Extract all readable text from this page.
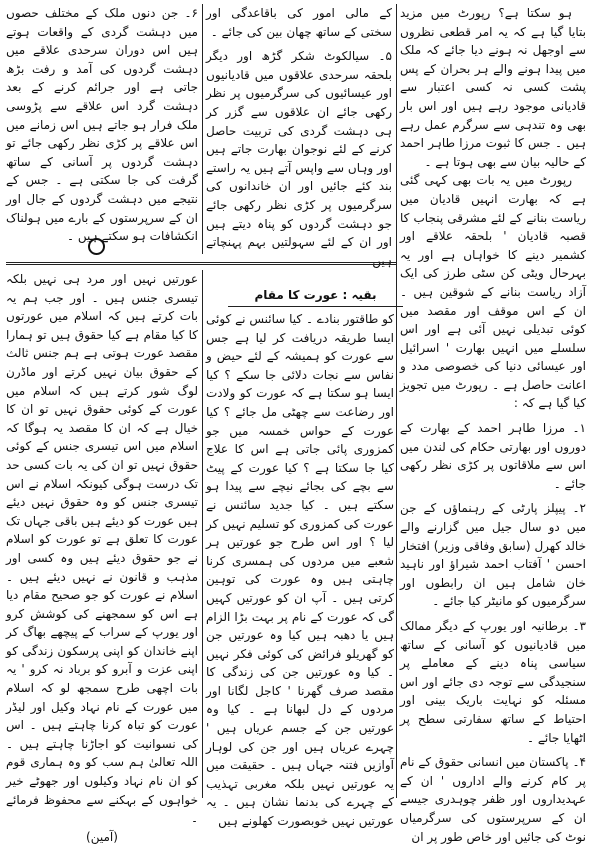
ہو سکتا ہے؟ رپورٹ میں مزید بتایا گیا ہے کہ یہ امر قطعی نظروں سے اوجھل نہ ہونے دیا جائے کہ ملک میں پیدا ہونے والے ہر بحران کے پس پشت کسی نہ کسی اعتبار سے قادیانی موجود رہے ہیں اور اس بار بھی وہ تندہی سے سرگرم عمل رہے ہیں ۔ جس کا ثبوت مرزا طاہر احمد کے حالیہ بیان سے بھی ہوتا ہے ۔

رپورٹ میں یہ بات بھی کہی گئی ہے کہ بھارت انہیں قادیان میں ریاست بنانے کے لئے مشرقی پنجاب کا قصبہ قادیان ' بلحقہ علاقے اور کشمیر دینے کا خواہاں ہے اور یہ بہرحال ویٹی کن سٹی طرز کی ایک آزاد ریاست بنانے کے شوقین ہیں ۔ ان کے اس موقف اور مقصد میں کوئی تبدیلی نہیں آئی ہے اور اس سلسلے میں انہیں بھارت ' اسرائیل اور عیسائی دنیا کی خصوصی مدد و اعانت حاصل ہے ۔ رپورٹ میں تجویز کیا گیا ہے کہ :

۱۔ مرزا طاہر احمد کے بھارت کے دوروں اور بھارتی حکام کی لندن میں اس سے ملاقاتوں پر کڑی نظر رکھی جائے ۔

۲۔ پیپلز پارٹی کے رہنماؤں کے جن میں دو سال جیل میں گزارنے والے خالد کھرل (سابق وفاقی وزیر) افتخار احسن ' آفتاب احمد شیراؤ اور ناہید خان شامل ہیں ان رابطوں اور سرگرمیوں کو مانیٹر کیا جائے ۔

۳۔ برطانیہ اور یورپ کے دیگر ممالک میں قادیانیوں کو آسانی کے ساتھ سیاسی پناہ دینے کے معاملے پر سنجیدگی سے توجہ دی جائے اور اس مسئلہ کو نہایت باریک بینی اور احتیاط کے ساتھ سفارتی سطح پر اٹھایا جائے ۔

۴۔ پاکستان میں انسانی حقوق کے نام پر کام کرنے والے اداروں ' ان کے عہدیداروں اور ظفر چوہدری جیسے ان کے سرپرستوں کی سرگرمیاں نوٹ کی جائیں اور خاص طور پر ان

کے مالی امور کی باقاعدگی اور سختی کے ساتھ چھان بین کی جائے ۔

۵۔ سیالکوٹ شکر گڑھ اور دیگر بلحقہ سرحدی علاقوں میں قادیانیوں اور عیسائیوں کی سرگرمیوں پر نظر رکھی جائے ان علاقوں سے گزر کر ہی دہشت گردی کی تربیت حاصل کرنے کے لئے نوجوان بھارت جاتے ہیں اور وہاں سے واپس آتے ہیں یہ راستے بند کئے جائیں اور ان خاندانوں کی سرگرمیوں پر کڑی نظر رکھی جائے جو دہشت گردوں کو پناہ دیتے ہیں اور ان کے لئے سہولتیں بہم پہنچاتے ہیں ۔

۶۔ جن دنوں ملک کے مختلف حصوں میں دہشت گردی کے واقعات ہوتے ہیں اس دوران سرحدی علاقے میں دہشت گردوں کی آمد و رفت بڑھ جاتی ہے اور جرائم کرنے کے بعد دہشت گرد اس علاقے سے پڑوسی ملک فرار ہو جاتے ہیں اس زمانے میں اس علاقے پر کڑی نظر رکھی جائے تو دہشت گردوں پر آسانی کے ساتھ گرفت کی جا سکتی ہے ۔ جس کے نتیجے میں دہشت گردوں کے جال اور ان کے سرپرستوں کے بارے میں ہولناک انکشافات ہو سکتے ہیں ۔

بقیہ : عورت کا مقام

کو طاقتور بنادے ۔ کیا سائنس نے کوئی ایسا طریقہ دریافت کر لیا ہے جس سے عورت کو ہمیشہ کے لئے حیض و نفاس سے نجات دلائی جا سکے ؟ کیا ایسا ہو سکتا ہے کہ عورت کو ولادت اور رضاعت سے چھٹی مل جائے ؟ کیا عورت کے حواس خمسہ میں جو کمزوری پائی جاتی ہے اس کا علاج کیا جا سکتا ہے ؟ کیا عورت کے پیٹ سے بچے کی بجائے نیچے سے پیدا ہو سکتے ہیں ۔ کیا جدید سائنس نے عورت کی کمزوری کو تسلیم نہیں کر لیا ؟ اور اس طرح جو عورتیں ہر شعبے میں مردوں کی ہمسری کرنا چاہتی ہیں وہ عورت کی توہین کرتی ہیں ۔ آپ ان کو عورتیں کہیں گی کہ عورت کے نام پر بہت بڑا الزام ہیں یا دھبہ ہیں کیا وہ عورتیں جن کو گھریلو فرائض کی کوئی فکر نہیں ۔ کیا وہ عورتیں جن کی زندگی کا مقصد صرف گھرنا ' کاجل لگانا اور مردوں کے دل لبھانا ہے ۔ کیا وہ عورتیں جن کے جسم عریاں ہیں ' چہرے عریاں ہیں اور جن کی لوہار آوازیں فتنہ جہاں ہیں ۔ حقیقت میں یہ عورتیں نہیں بلکہ مغربی تہذیب کے چہرے کی بدنما نشان ہیں ۔ یہ عورتیں نہیں خوبصورت کھلونے ہیں

عورتیں نہیں اور مرد ہی نہیں بلکہ تیسری جنس ہیں ۔ اور جب ہم یہ بات کرتے ہیں کہ اسلام میں عورتوں کا کیا مقام ہے کیا حقوق ہیں تو ہمارا مقصد عورت ہوتی ہے ہم جنس ثالث کے حقوق بیان نہیں کرتے اور ماڈرن لوگ شور کرتے ہیں کہ اسلام میں عورت کے کوئی حقوق نہیں تو ان کا خیال ہے کہ ان کا مقصد یہ ہوگا کہ اسلام میں اس تیسری جنس کے کوئی حقوق نہیں تو ان کی یہ بات کسی حد تک درست ہوگی کیونکہ اسلام نے اس تیسری جنس کو وہ حقوق نہیں دیئے ہیں عورت کو دیئے ہیں باقی جہاں تک عورت کا تعلق ہے تو عورت کو اسلام نے جو حقوق دیئے ہیں وہ کسی اور مذہب و قانون نے نہیں دیئے ہیں ۔ اسلام نے عورت کو جو صحیح مقام دیا ہے اس کو سمجھنے کی کوشش کرو اور یورپ کے سراب کے پیچھے بھاگ کر اپنے خاندان کو اپنی پرسکون زندگی کو اپنی عزت و آبرو کو برباد نہ کرو ' یہ بات اچھی طرح سمجھ لو کہ اسلام میں عورت کے نام نہاد وکیل اور لیڈر عورت کو تباہ کرنا چاہتے ہیں ۔ اس کی نسوانیت کو اجاڑنا چاہتے ہیں ۔ اللہ تعالیٰ ہم سب کو وہ ہماری قوم کو ان نام نہاد وکیلوں اور جھوٹے خیر خواہوں کے بہکنے سے محفوظ فرمائے ۔

(آمین)
